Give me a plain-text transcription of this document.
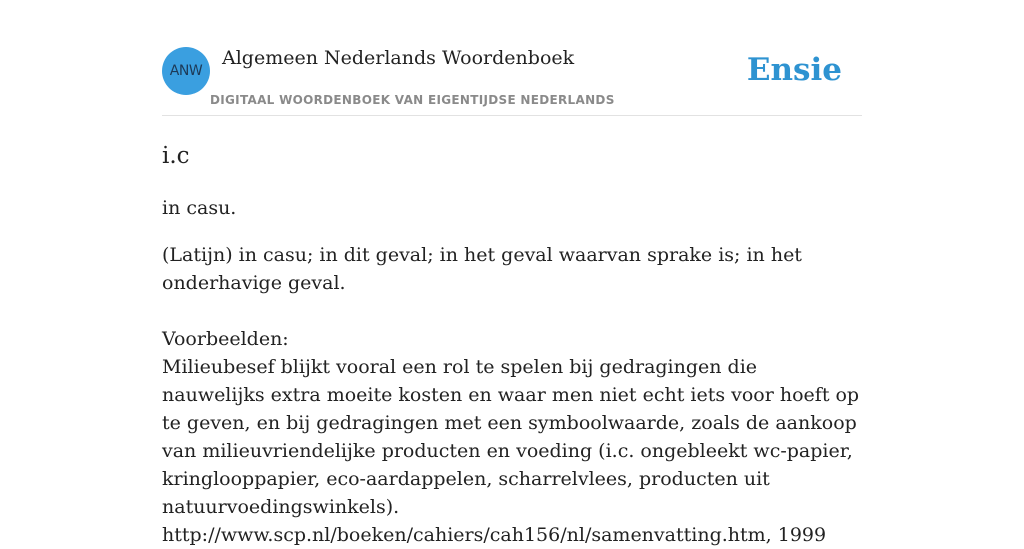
ANW
Algemeen Nederlands Woordenboek
DIGITAAL WOORDENBOEK VAN EIGENTIJDSE NEDERLANDS
Ensie
i.c
in casu.
(Latijn) in casu; in dit geval; in het geval waarvan sprake is; in het onderhavige geval.
Voorbeelden:
Milieubesef blijkt vooral een rol te spelen bij gedragingen die nauwelijks extra moeite kosten en waar men niet echt iets voor hoeft op te geven, en bij gedragingen met een symboolwaarde, zoals de aankoop van milieuvriendelijke producten en voeding (i.c. ongebleekt wc-papier, kringlooppapier, eco-aardappelen, scharrelvlees, producten uit natuurvoedingswinkels).
http://www.scp.nl/boeken/cahiers/cah156/nl/samenvatting.htm, 1999
